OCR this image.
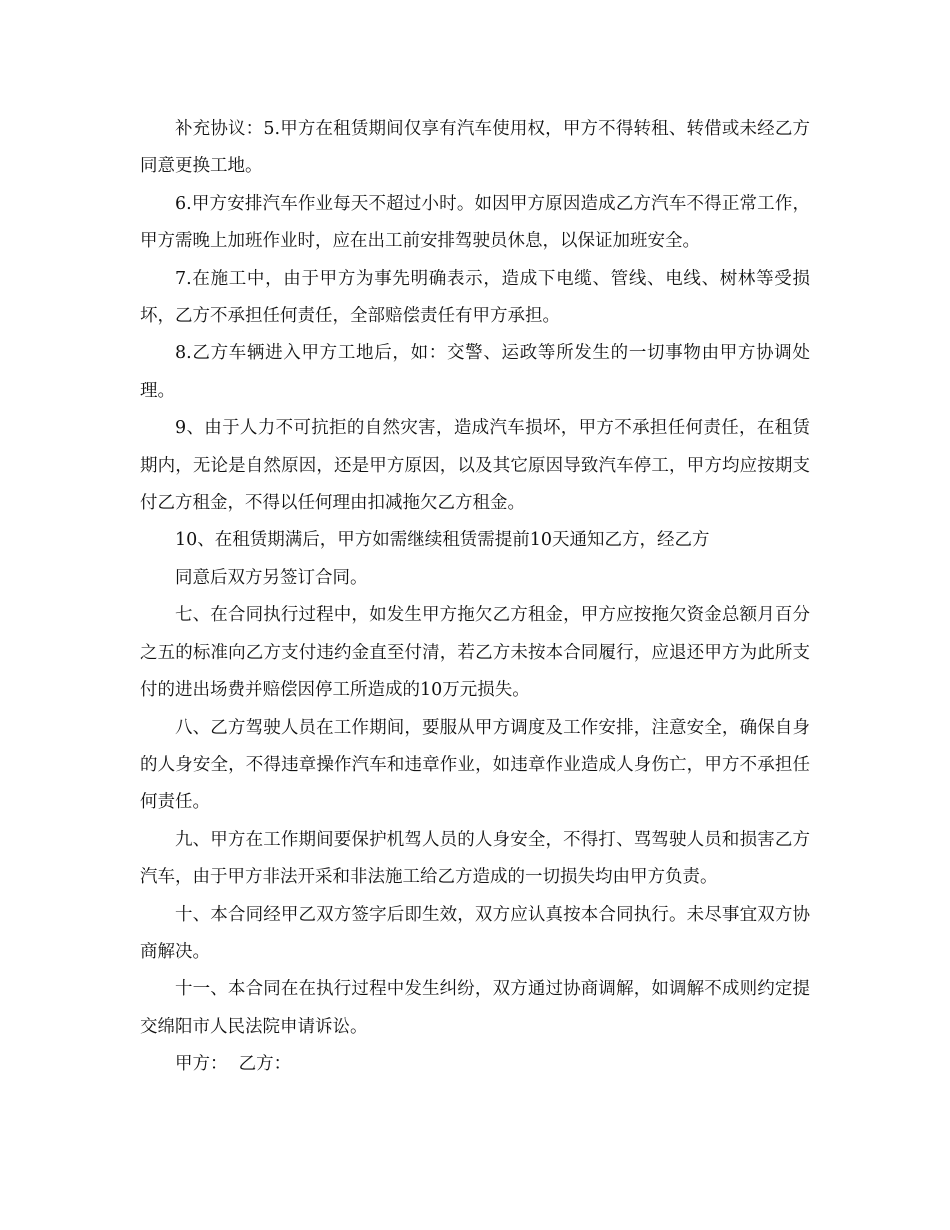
补充协议：5.甲方在租赁期间仅享有汽车使用权，甲方不得转租、转借或未经乙方同意更换工地。

6.甲方安排汽车作业每天不超过小时。如因甲方原因造成乙方汽车不得正常工作，甲方需晚上加班作业时，应在出工前安排驾驶员休息，以保证加班安全。

7.在施工中，由于甲方为事先明确表示，造成下电缆、管线、电线、树林等受损坏，乙方不承担任何责任，全部赔偿责任有甲方承担。

8.乙方车辆进入甲方工地后，如：交警、运政等所发生的一切事物由甲方协调处理。

9、由于人力不可抗拒的自然灾害，造成汽车损坏，甲方不承担任何责任，在租赁期内，无论是自然原因，还是甲方原因，以及其它原因导致汽车停工，甲方均应按期支付乙方租金，不得以任何理由扣减拖欠乙方租金。

10、在租赁期满后，甲方如需继续租赁需提前10天通知乙方，经乙方

同意后双方另签订合同。

七、在合同执行过程中，如发生甲方拖欠乙方租金，甲方应按拖欠资金总额月百分之五的标准向乙方支付违约金直至付清，若乙方未按本合同履行，应退还甲方为此所支付的进出场费并赔偿因停工所造成的10万元损失。

八、乙方驾驶人员在工作期间，要服从甲方调度及工作安排，注意安全，确保自身的人身安全，不得违章操作汽车和违章作业，如违章作业造成人身伤亡，甲方不承担任何责任。

九、甲方在工作期间要保护机驾人员的人身安全，不得打、骂驾驶人员和损害乙方汽车，由于甲方非法开采和非法施工给乙方造成的一切损失均由甲方负责。

十、本合同经甲乙双方签字后即生效，双方应认真按本合同执行。未尽事宜双方协商解决。

十一、本合同在在执行过程中发生纠纷，双方通过协商调解，如调解不成则约定提交绵阳市人民法院申请诉讼。

甲方：  乙方：
